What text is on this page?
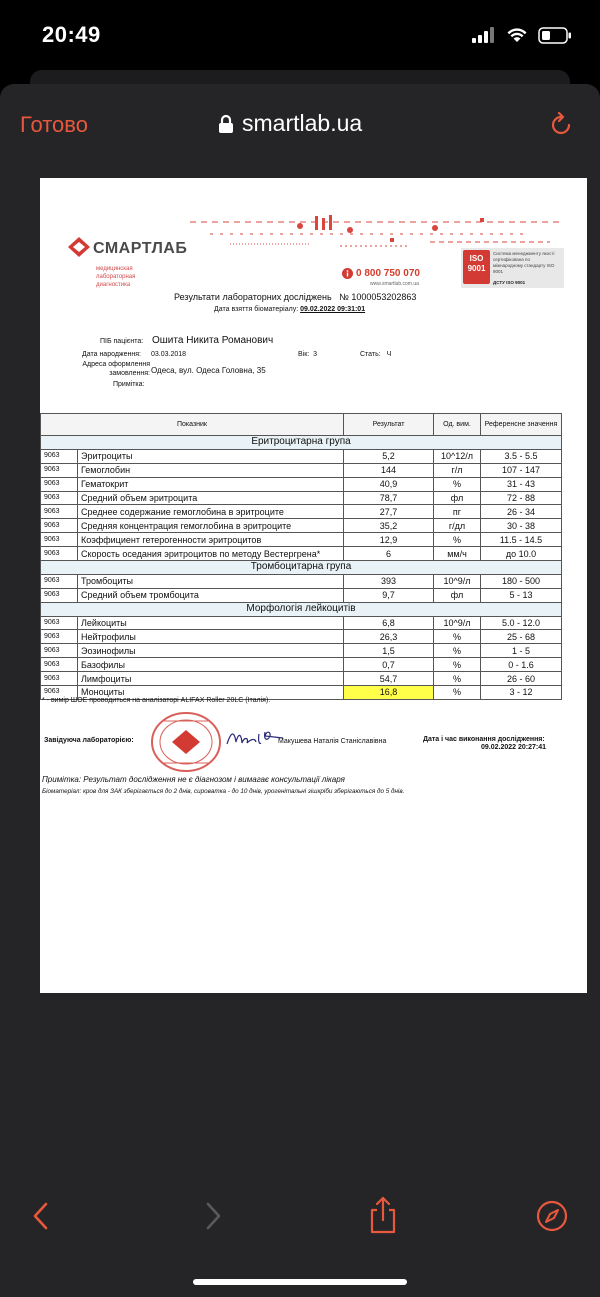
20:49
Готово	smartlab.ua
СМАРТЛАБ
медицинская
лабораторная
диагностика
0 800 750 070
www.smartlab.com.ua
ISO
9001
Система менеджменту якості сертифікована по міжнародному стандарту ISO 9001
ДСТУ ISO 9001
Результати лабораторних досліджень № 1000053202863
Дата взяття біоматеріалу: 09.02.2022 09:31:01
ПІБ пацієнта: Ошита Никита Романович
Дата народження: 03.03.2018	Вік: 3	Стать: Ч
Адреса оформлення
замовлення: Одеса, вул. Одеса Головна, 35
Примітка:
Показник		Результат	Од. вим.	Референсне значення
Еритроцитарна група				
9063	Эритроциты	5,2	10^12/л	3.5 - 5.5
9063	Гемоглобин	144	г/л	107 - 147
9063	Гематокрит	40,9	%	31 - 43
9063	Средний объем эритроцита	78,7	фл	72 - 88
9063	Среднее содержание гемоглобина в эритроците	27,7	пг	26 - 34
9063	Средняя концентрация гемоглобина в эритроците	35,2	г/дл	30 - 38
9063	Коэффициент гетерогенности эритроцитов	12,9	%	11.5 - 14.5
9063	Скорость оседания эритроцитов по методу Вестергрена*	6	мм/ч	до 10.0
Тромбоцитарна група				
9063	Тромбоциты	393	10^9/л	180 - 500
9063	Средний объем тромбоцита	9,7	фл	5 - 13
Морфологія лейкоцитів				
9063	Лейкоциты	6,8	10^9/л	5.0 - 12.0
9063	Нейтрофилы	26,3	%	25 - 68
9063	Эозинофилы	1,5	%	1 - 5
9063	Базофилы	0,7	%	0 - 1.6
9063	Лимфоциты	54,7	%	26 - 60
9063	Моноциты	16,8	%	3 - 12
* - вимір ШОЕ проводиться на аналізаторі ALIFAX Roller 20LC (Італія).
Завідуюча лабораторією:	Макушева Наталія Станіславівна	Дата і час виконання дослідження:
09.02.2022 20:27:41
Примітка: Результат дослідження не є діагнозом і вимагає консультації лікаря
Біоматеріал: кров для ЗАК зберігається до 2 днів, сироватка - до 10 днів, урогенітальні зішкріби зберігаються до 5 днів.
